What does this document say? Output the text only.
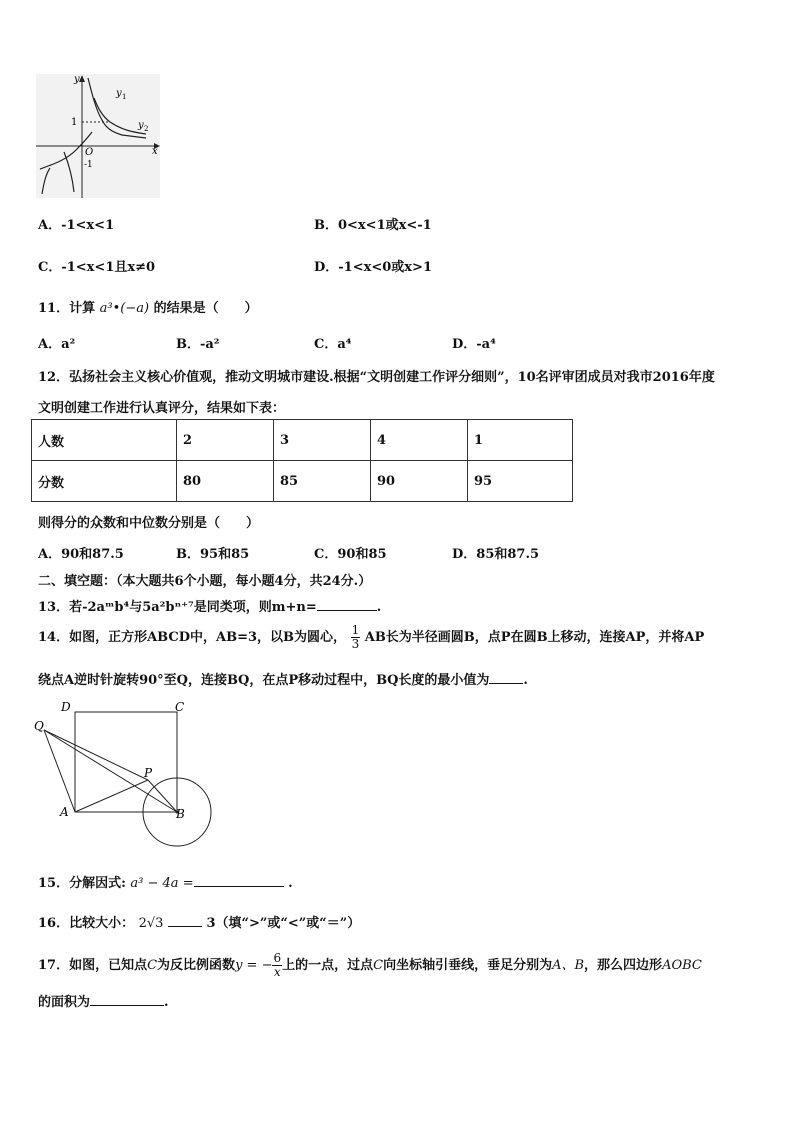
y
x
O
1
-1
y 1
y 2
A．-1<x<1	B．0<x<1或x<-1
C．-1<x<1且x≠0	D．-1<x<0或x>1
11．计算 a³•(−a) 的结果是（　　）
A．a²	B．-a²	C．a⁴	D．-a⁴
12．弘扬社会主义核心价值观，推动文明城市建设.根据“文明创建工作评分细则”，10名评审团成员对我市2016年度
文明创建工作进行认真评分，结果如下表：
人数	2	3	4	1
分数	80	85	90	95
则得分的众数和中位数分别是（　　）
A．90和87.5	B．95和85	C．90和85	D．85和87.5
二、填空题：（本大题共6个小题，每小题4分，共24分.）
13．若-2aᵐb⁴与5a²bⁿ⁺⁷是同类项，则m+n=	.
14．如图，正方形ABCD中，AB=3，以B为圆心， $\frac{1}{3}$ AB长为半径画圆B，点P在圆B上移动，连接AP，并将AP
绕点A逆时针旋转90°至Q，连接BQ，在点P移动过程中，BQ长度的最小值为	.
D	C
Q
P
A	B
15．分解因式: a³ − 4a =	.
16．比较大小： 2√3	3（填“>”或“<”或“＝”）
17．如图，已知点C为反比例函数y = − $\frac{6}{x}$ 上的一点，过点C向坐标轴引垂线，垂足分别为A、B，那么四边形AOBC
的面积为	.
